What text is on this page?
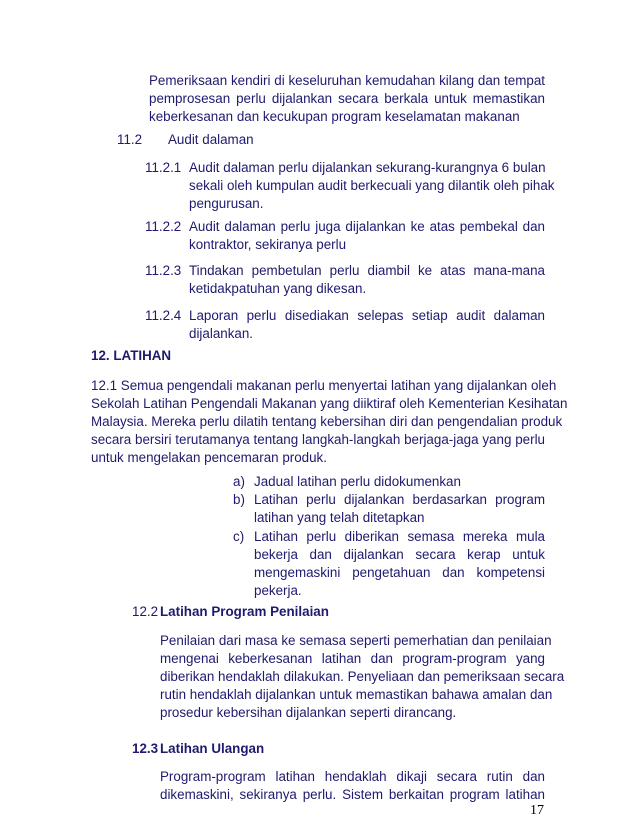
Pemeriksaan kendiri di keseluruhan kemudahan kilang dan tempat
pemprosesan perlu dijalankan secara berkala untuk memastikan
keberkesanan dan kecukupan program keselamatan makanan
11.2 Audit dalaman
11.2.1 Audit dalaman perlu dijalankan sekurang-kurangnya 6 bulan
sekali oleh kumpulan audit berkecuali yang dilantik oleh pihak
pengurusan.
11.2.2 Audit dalaman perlu juga dijalankan ke atas pembekal dan
kontraktor, sekiranya perlu
11.2.3 Tindakan pembetulan perlu diambil ke atas mana-mana
ketidakpatuhan yang dikesan.
11.2.4 Laporan perlu disediakan selepas setiap audit dalaman
dijalankan.
12. LATIHAN
12.1 Semua pengendali makanan perlu menyertai latihan yang dijalankan oleh
Sekolah Latihan Pengendali Makanan yang diiktiraf oleh Kementerian Kesihatan
Malaysia. Mereka perlu dilatih tentang kebersihan diri dan pengendalian produk
secara bersiri terutamanya tentang langkah-langkah berjaga-jaga yang perlu
untuk mengelakan pencemaran produk.
a) Jadual latihan perlu didokumenkan
b) Latihan perlu dijalankan berdasarkan program
latihan yang telah ditetapkan
c) Latihan perlu diberikan semasa mereka mula
bekerja dan dijalankan secara kerap untuk
mengemaskini pengetahuan dan kompetensi
pekerja.
12.2 Latihan Program Penilaian
Penilaian dari masa ke semasa seperti pemerhatian dan penilaian
mengenai keberkesanan latihan dan program-program yang
diberikan hendaklah dilakukan. Penyeliaan dan pemeriksaan secara
rutin hendaklah dijalankan untuk memastikan bahawa amalan dan
prosedur kebersihan dijalankan seperti dirancang.
12.3 Latihan Ulangan
Program-program latihan hendaklah dikaji secara rutin dan
dikemaskini, sekiranya perlu. Sistem berkaitan program latihan
17
